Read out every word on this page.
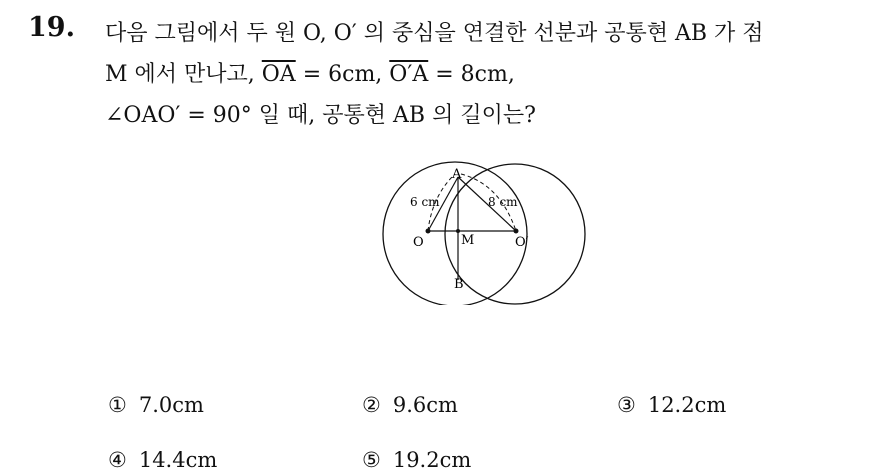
19. 다음 그림에서 두 원 O, O′ 의 중심을 연결한 선분과 공통현 AB 가 점
M 에서 만나고, $\overline{OA} = 6cm$, O′A = 8cm,
∠OAO′ = 90° 일 때, 공통현 AB 의 길이는?
A
B
O	O′
M
6 cm	8 cm
① 7.0cm	② 9.6cm	③ 12.2cm
④ 14.4cm	⑤ 19.2cm
